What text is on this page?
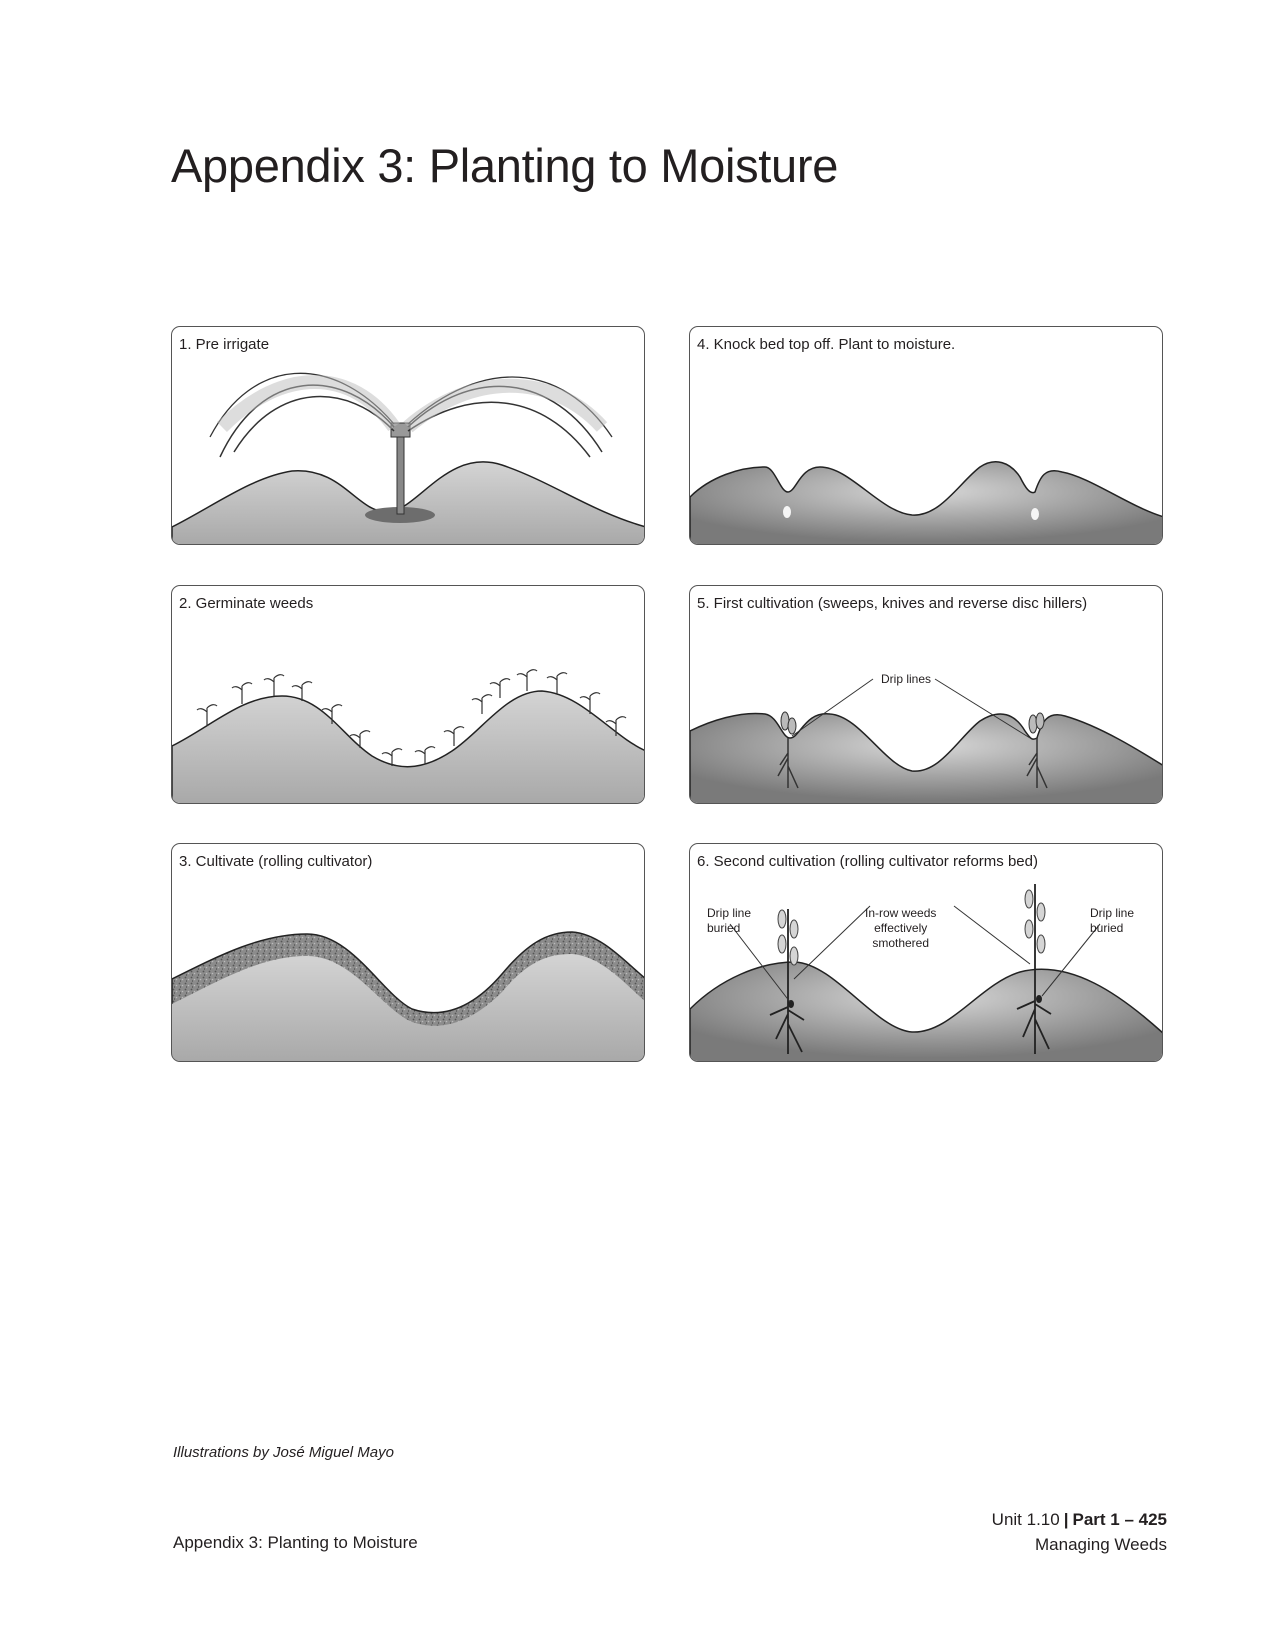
Appendix 3: Planting to Moisture
1. Pre irrigate
2. Germinate weeds
3. Cultivate (rolling cultivator)
4. Knock bed top off. Plant to moisture.
5. First cultivation (sweeps, knives and reverse disc hillers)
Drip lines
6. Second cultivation (rolling cultivator reforms bed)
Drip line
buried
In-row weeds
effectively
smothered
Drip line
buried
Illustrations by José Miguel Mayo
Appendix 3: Planting to Moisture
Unit 1.10 | Part 1 – 425
Managing Weeds
